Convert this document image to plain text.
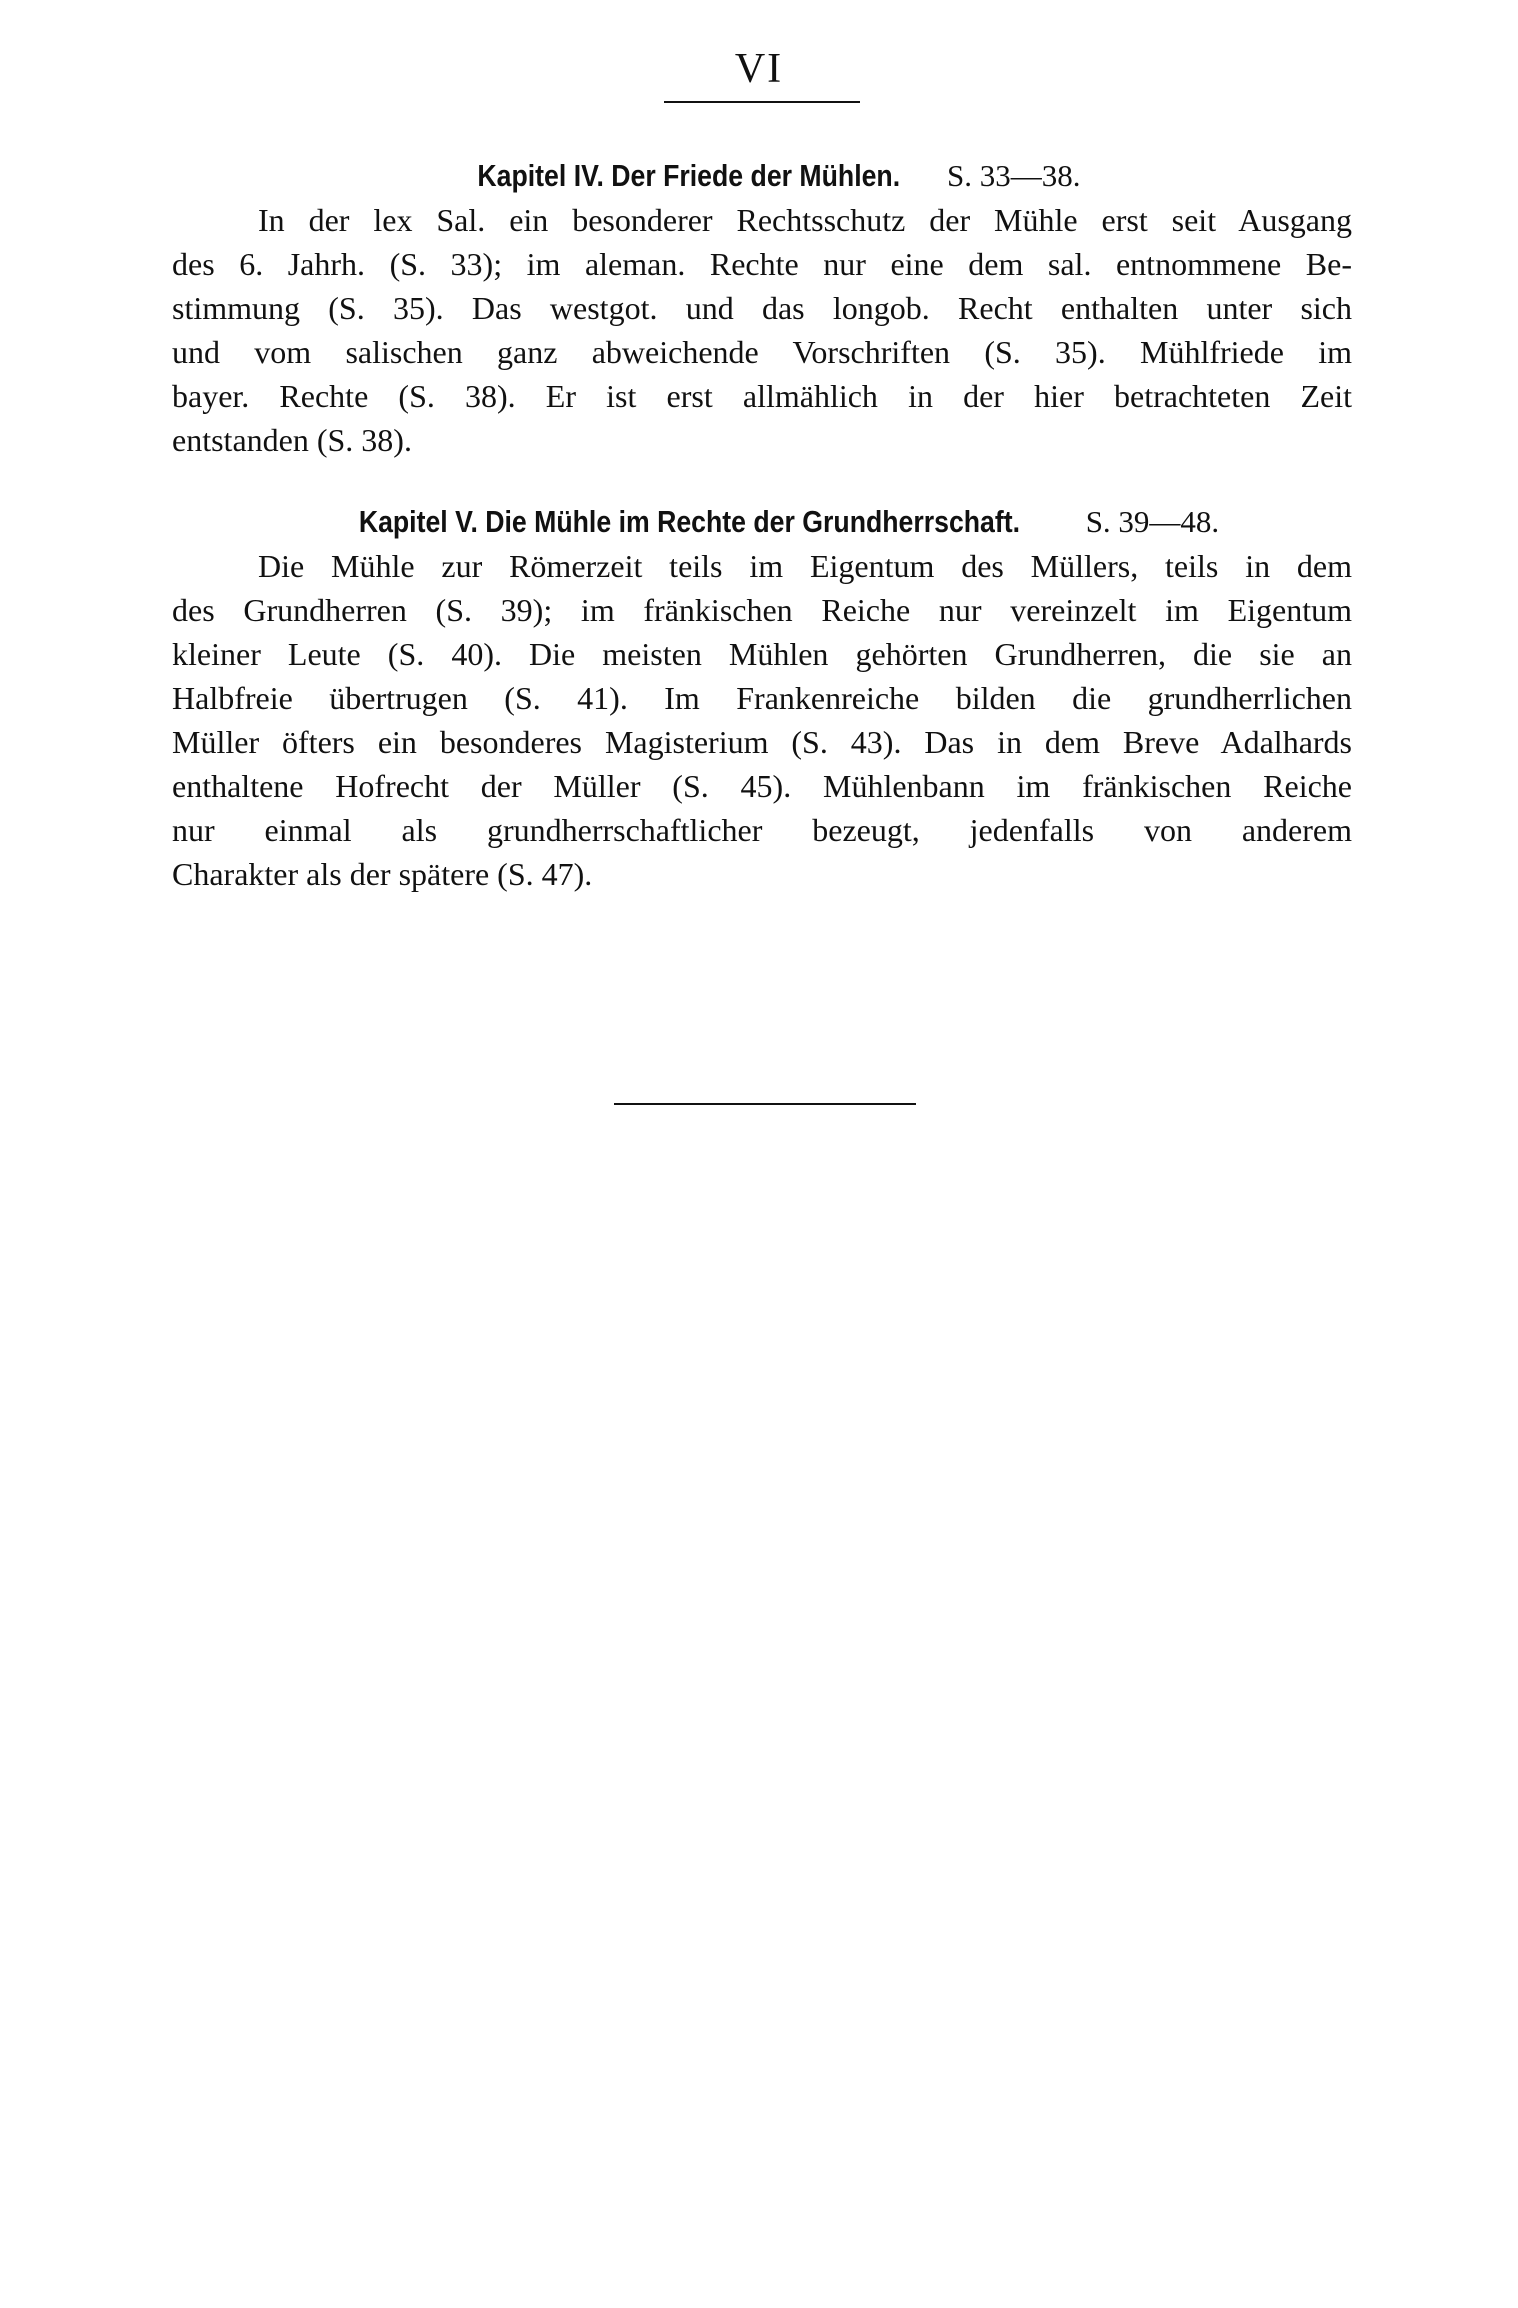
VI
Kapitel IV. Der Friede der Mühlen. S. 33—38.
In der lex Sal. ein besonderer Rechtsschutz der Mühle erst seit Ausgang
des 6. Jahrh. (S. 33); im aleman. Rechte nur eine dem sal. entnommene Be-
stimmung (S. 35). Das westgot. und das longob. Recht enthalten unter sich
und vom salischen ganz abweichende Vorschriften (S. 35). Mühlfriede im
bayer. Rechte (S. 38). Er ist erst allmählich in der hier betrachteten Zeit
entstanden (S. 38).
Kapitel V. Die Mühle im Rechte der Grundherrschaft. S. 39—48.
Die Mühle zur Römerzeit teils im Eigentum des Müllers, teils in dem
des Grundherren (S. 39); im fränkischen Reiche nur vereinzelt im Eigentum
kleiner Leute (S. 40). Die meisten Mühlen gehörten Grundherren, die sie an
Halbfreie übertrugen (S. 41). Im Frankenreiche bilden die grundherrlichen
Müller öfters ein besonderes Magisterium (S. 43). Das in dem Breve Adalhards
enthaltene Hofrecht der Müller (S. 45). Mühlenbann im fränkischen Reiche
nur einmal als grundherrschaftlicher bezeugt, jedenfalls von anderem
Charakter als der spätere (S. 47).
